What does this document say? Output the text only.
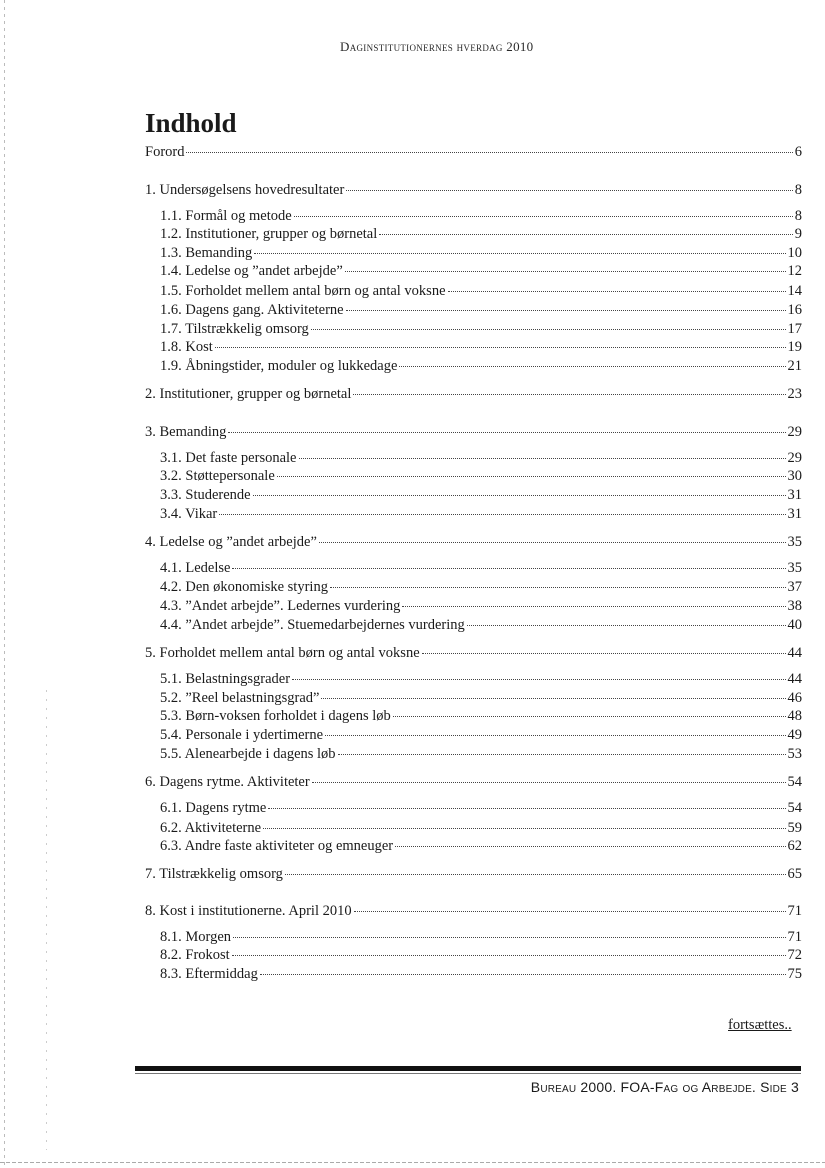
Daginstitutionernes hverdag 2010
Indhold
Forord	6
1. Undersøgelsens hovedresultater	8
1.1. Formål og metode	8
1.2. Institutioner, grupper og børnetal	9
1.3. Bemanding	10
1.4. Ledelse og ”andet arbejde”	12
1.5. Forholdet mellem antal børn og antal voksne	14
1.6. Dagens gang. Aktiviteterne	16
1.7. Tilstrækkelig omsorg	17
1.8. Kost	19
1.9. Åbningstider, moduler og lukkedage	21
2. Institutioner, grupper og børnetal	23
3. Bemanding	29
3.1. Det faste personale	29
3.2. Støttepersonale	30
3.3. Studerende	31
3.4. Vikar	31
4. Ledelse og ”andet arbejde”	35
4.1. Ledelse	35
4.2. Den økonomiske styring	37
4.3. ”Andet arbejde”. Ledernes vurdering	38
4.4. ”Andet arbejde”. Stuemedarbejdernes vurdering	40
5. Forholdet mellem antal børn og antal voksne	44
5.1. Belastningsgrader	44
5.2. ”Reel belastningsgrad”	46
5.3. Børn-voksen forholdet i dagens løb	48
5.4. Personale i ydertimerne	49
5.5. Alenearbejde i dagens løb	53
6. Dagens rytme. Aktiviteter	54
6.1. Dagens rytme	54
6.2. Aktiviteterne	59
6.3. Andre faste aktiviteter og emneuger	62
7. Tilstrækkelig omsorg	65
8. Kost i institutionerne. April 2010	71
8.1. Morgen	71
8.2. Frokost	72
8.3. Eftermiddag	75
fortsættes..
Bureau 2000. FOA-Fag og Arbejde. Side 3
